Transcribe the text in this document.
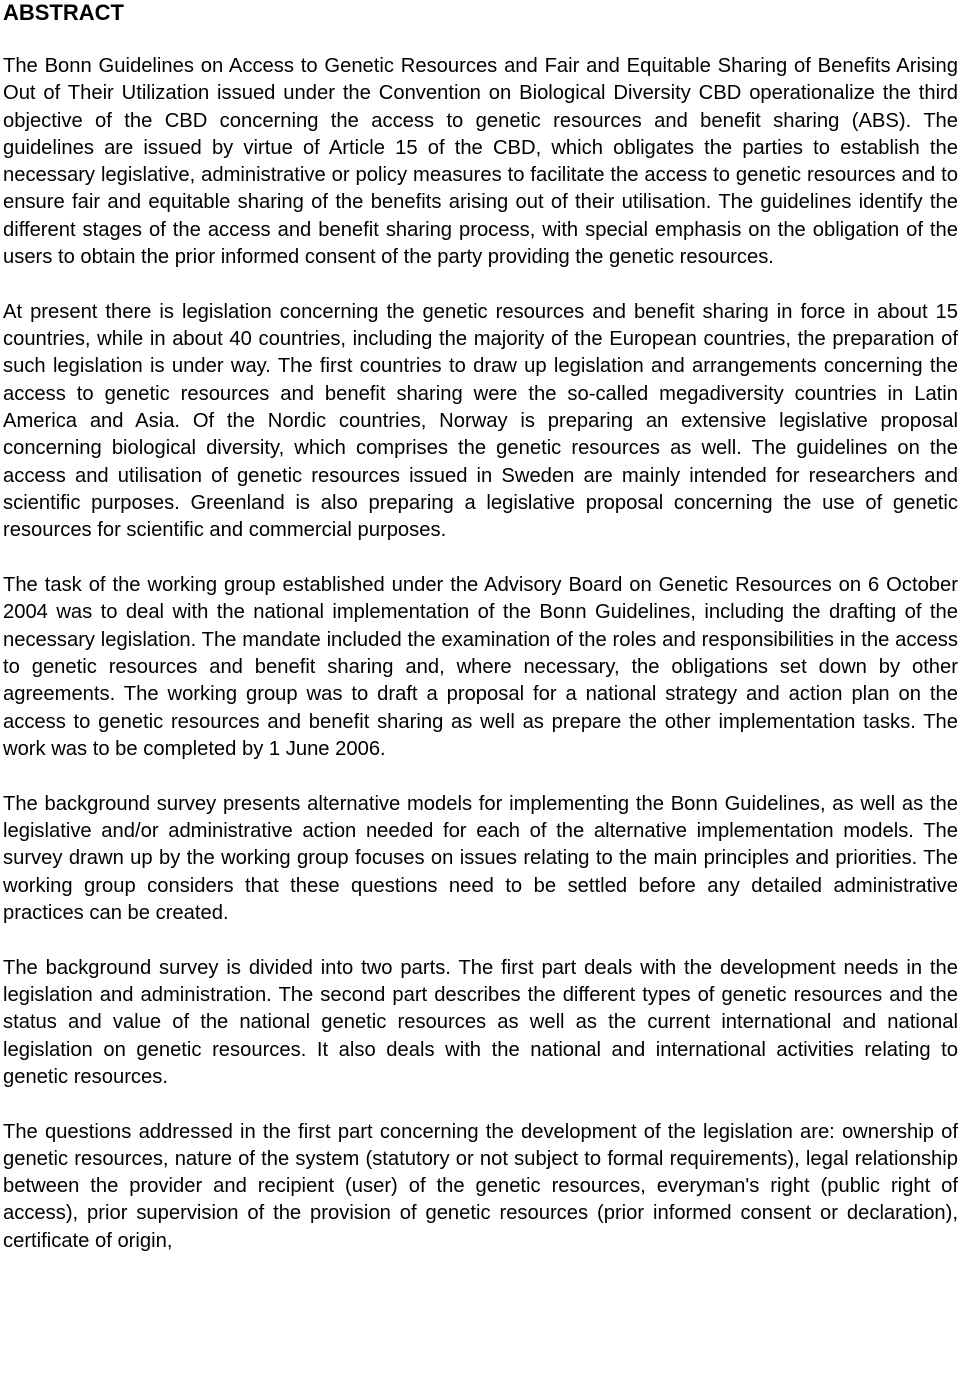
ABSTRACT

The Bonn Guidelines on Access to Genetic Resources and Fair and Equitable Sharing of Benefits Arising Out of Their Utilization issued under the Convention on Biological Diversity CBD operationalize the third objective of the CBD concerning the access to genetic resources and benefit sharing (ABS). The guidelines are issued by virtue of Article 15 of the CBD, which obligates the parties to establish the necessary legislative, administrative or policy measures to facilitate the access to genetic resources and to ensure fair and equitable sharing of the benefits arising out of their utilisation. The guidelines identify the different stages of the access and benefit sharing process, with special emphasis on the obligation of the users to obtain the prior informed consent of the party providing the genetic resources.

At present there is legislation concerning the genetic resources and benefit sharing in force in about 15 countries, while in about 40 countries, including the majority of the European countries, the preparation of such legislation is under way. The first countries to draw up legislation and arrangements concerning the access to genetic resources and benefit sharing were the so-called megadiversity countries in Latin America and Asia. Of the Nordic countries, Norway is preparing an extensive legislative proposal concerning biological diversity, which comprises the genetic resources as well. The guidelines on the access and utilisation of genetic resources issued in Sweden are mainly intended for researchers and scientific purposes. Greenland is also preparing a legislative proposal concerning the use of genetic resources for scientific and commercial purposes.

The task of the working group established under the Advisory Board on Genetic Resources on 6 October 2004 was to deal with the national implementation of the Bonn Guidelines, including the drafting of the necessary legislation. The mandate included the examination of the roles and responsibilities in the access to genetic resources and benefit sharing and, where necessary, the obligations set down by other agreements. The working group was to draft a proposal for a national strategy and action plan on the access to genetic resources and benefit sharing as well as prepare the other implementation tasks. The work was to be completed by 1 June 2006.

The background survey presents alternative models for implementing the Bonn Guidelines, as well as the legislative and/or administrative action needed for each of the alternative implementation models. The survey drawn up by the working group focuses on issues relating to the main principles and priorities. The working group considers that these questions need to be settled before any detailed administrative practices can be created.

The background survey is divided into two parts. The first part deals with the development needs in the legislation and administration. The second part describes the different types of genetic resources and the status and value of the national genetic resources as well as the current international and national legislation on genetic resources. It also deals with the national and international activities relating to genetic resources.

The questions addressed in the first part concerning the development of the legislation are: ownership of genetic resources, nature of the system (statutory or not subject to formal requirements), legal relationship between the provider and recipient (user) of the genetic resources, everyman's right (public right of access), prior supervision of the provision of genetic resources (prior informed consent or declaration), certificate of origin,
